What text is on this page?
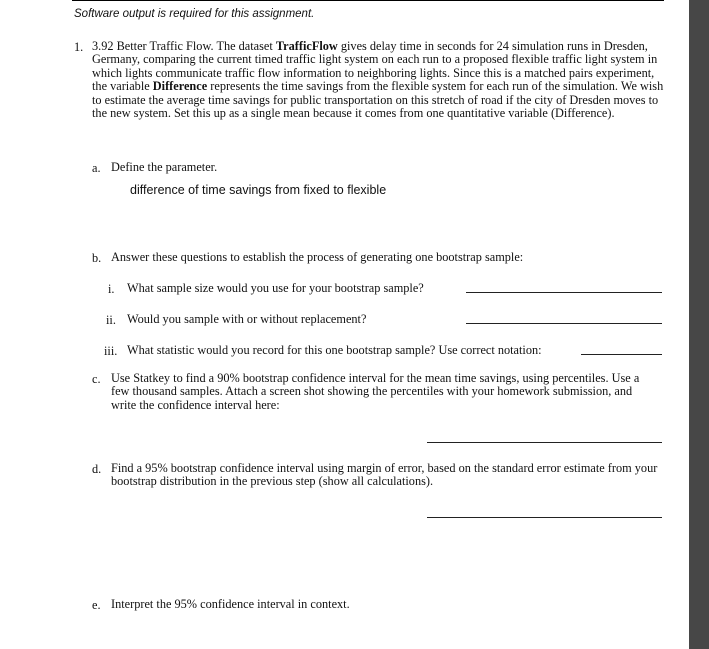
Software output is required for this assignment.
1. 3.92 Better Traffic Flow. The dataset TrafficFlow gives delay time in seconds for 24 simulation runs in Dresden, Germany, comparing the current timed traffic light system on each run to a proposed flexible traffic light system in which lights communicate traffic flow information to neighboring lights. Since this is a matched pairs experiment, the variable Difference represents the time savings from the flexible system for each run of the simulation. We wish to estimate the average time savings for public transportation on this stretch of road if the city of Dresden moves to the new system. Set this up as a single mean because it comes from one quantitative variable (Difference).
a. Define the parameter.
difference of time savings from fixed to flexible
b. Answer these questions to establish the process of generating one bootstrap sample:
i. What sample size would you use for your bootstrap sample?
ii. Would you sample with or without replacement?
iii. What statistic would you record for this one bootstrap sample? Use correct notation:
c. Use Statkey to find a 90% bootstrap confidence interval for the mean time savings, using percentiles. Use a few thousand samples. Attach a screen shot showing the percentiles with your homework submission, and write the confidence interval here:
d. Find a 95% bootstrap confidence interval using margin of error, based on the standard error estimate from your bootstrap distribution in the previous step (show all calculations).
e. Interpret the 95% confidence interval in context.
